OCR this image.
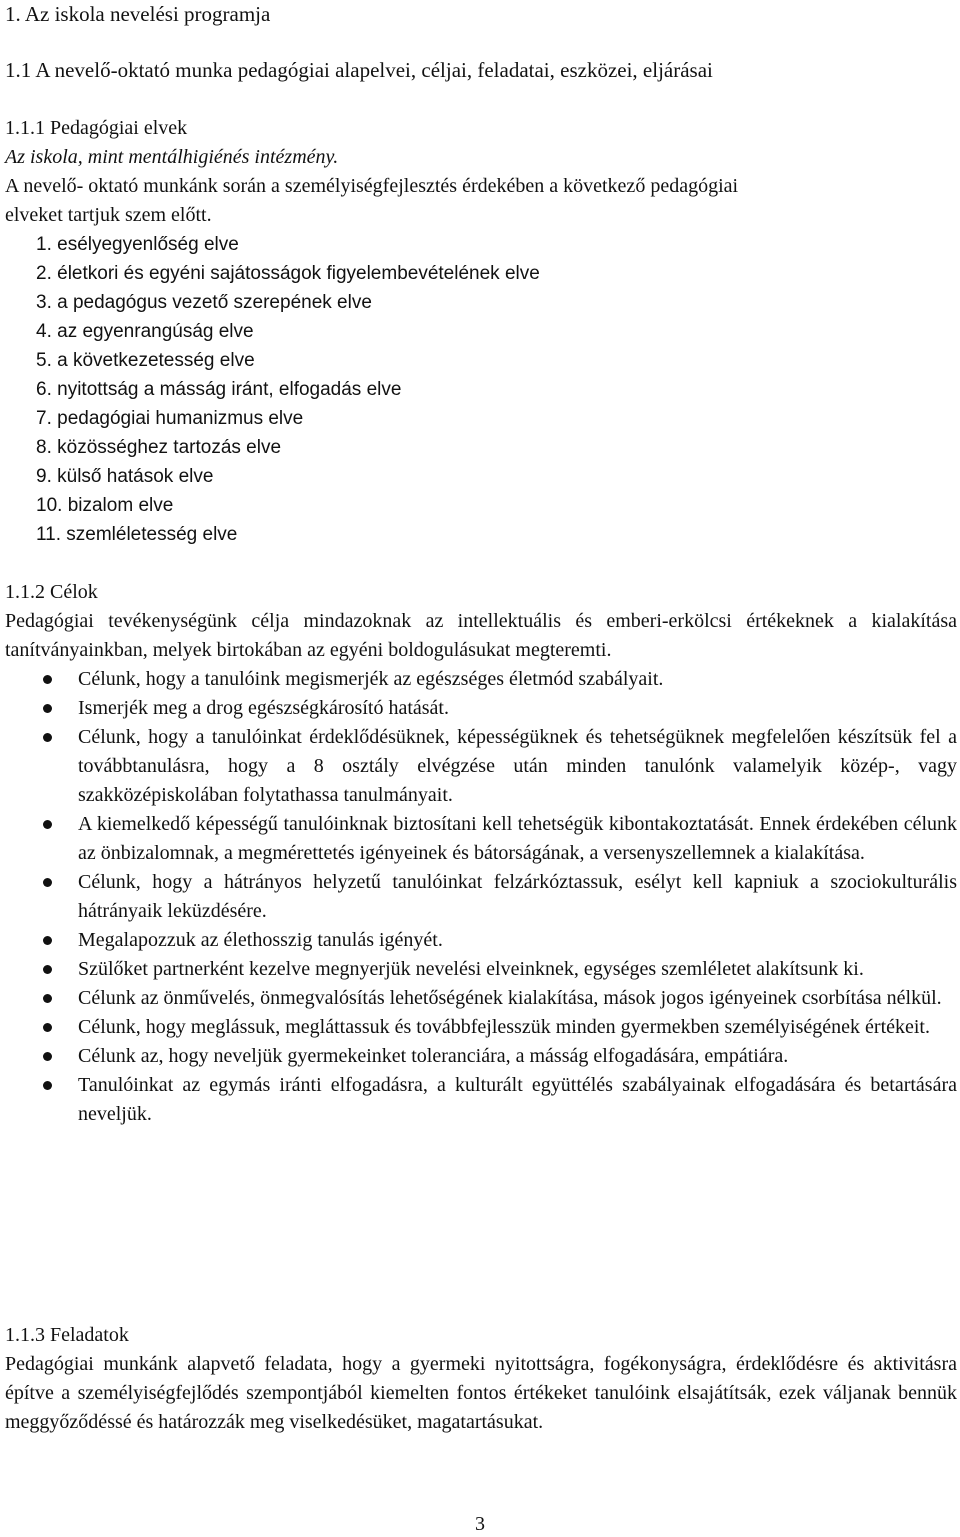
1. Az iskola nevelési programja
1.1 A nevelő-oktató munka pedagógiai alapelvei, céljai, feladatai, eszközei, eljárásai
1.1.1 Pedagógiai elvek
Az iskola, mint mentálhigiénés intézmény.
A nevelő- oktató munkánk során a személyiségfejlesztés érdekében a következő pedagógiai
elveket tartjuk szem előtt.
1. esélyegyenlőség elve
2. életkori és egyéni sajátosságok figyelembevételének elve
3. a pedagógus vezető szerepének elve
4. az egyenrangúság elve
5. a következetesség elve
6. nyitottság a másság iránt, elfogadás elve
7. pedagógiai humanizmus elve
8. közösséghez tartozás elve
9. külső hatások elve
10. bizalom elve
11. szemléletesség elve
1.1.2 Célok
Pedagógiai tevékenységünk célja mindazoknak az intellektuális és emberi-erkölcsi értékeknek a kialakítása tanítványainkban, melyek birtokában az egyéni boldogulásukat megteremti.
Célunk, hogy a tanulóink megismerjék az egészséges életmód szabályait.
Ismerjék meg a drog egészségkárosító hatását.
Célunk, hogy a tanulóinkat érdeklődésüknek, képességüknek és tehetségüknek megfelelően készítsük fel a továbbtanulásra, hogy a 8 osztály elvégzése után minden tanulónk valamelyik közép-, vagy szakközépiskolában folytathassa tanulmányait.
A kiemelkedő képességű tanulóinknak biztosítani kell tehetségük kibontakoztatását. Ennek érdekében célunk az önbizalomnak, a megmérettetés igényeinek és bátorságának, a versenyszellemnek a kialakítása.
Célunk, hogy a hátrányos helyzetű tanulóinkat felzárkóztassuk, esélyt kell kapniuk a szociokulturális hátrányaik leküzdésére.
Megalapozzuk az élethosszig tanulás igényét.
Szülőket partnerként kezelve megnyerjük nevelési elveinknek, egységes szemléletet alakítsunk ki.
Célunk az önművelés, önmegvalósítás lehetőségének kialakítása, mások jogos igényeinek csorbítása nélkül.
Célunk, hogy meglássuk, megláttassuk és továbbfejlesszük minden gyermekben személyiségének értékeit.
Célunk az, hogy neveljük gyermekeinket toleranciára, a másság elfogadására, empátiára.
Tanulóinkat az egymás iránti elfogadásra, a kulturált együttélés szabályainak elfogadására és betartására neveljük.
1.1.3 Feladatok
Pedagógiai munkánk alapvető feladata, hogy a gyermeki nyitottságra, fogékonyságra, érdeklődésre és aktivitásra építve a személyiségfejlődés szempontjából kiemelten fontos értékeket tanulóink elsajátítsák, ezek váljanak bennük meggyőződéssé és határozzák meg viselkedésüket, magatartásukat.
3
